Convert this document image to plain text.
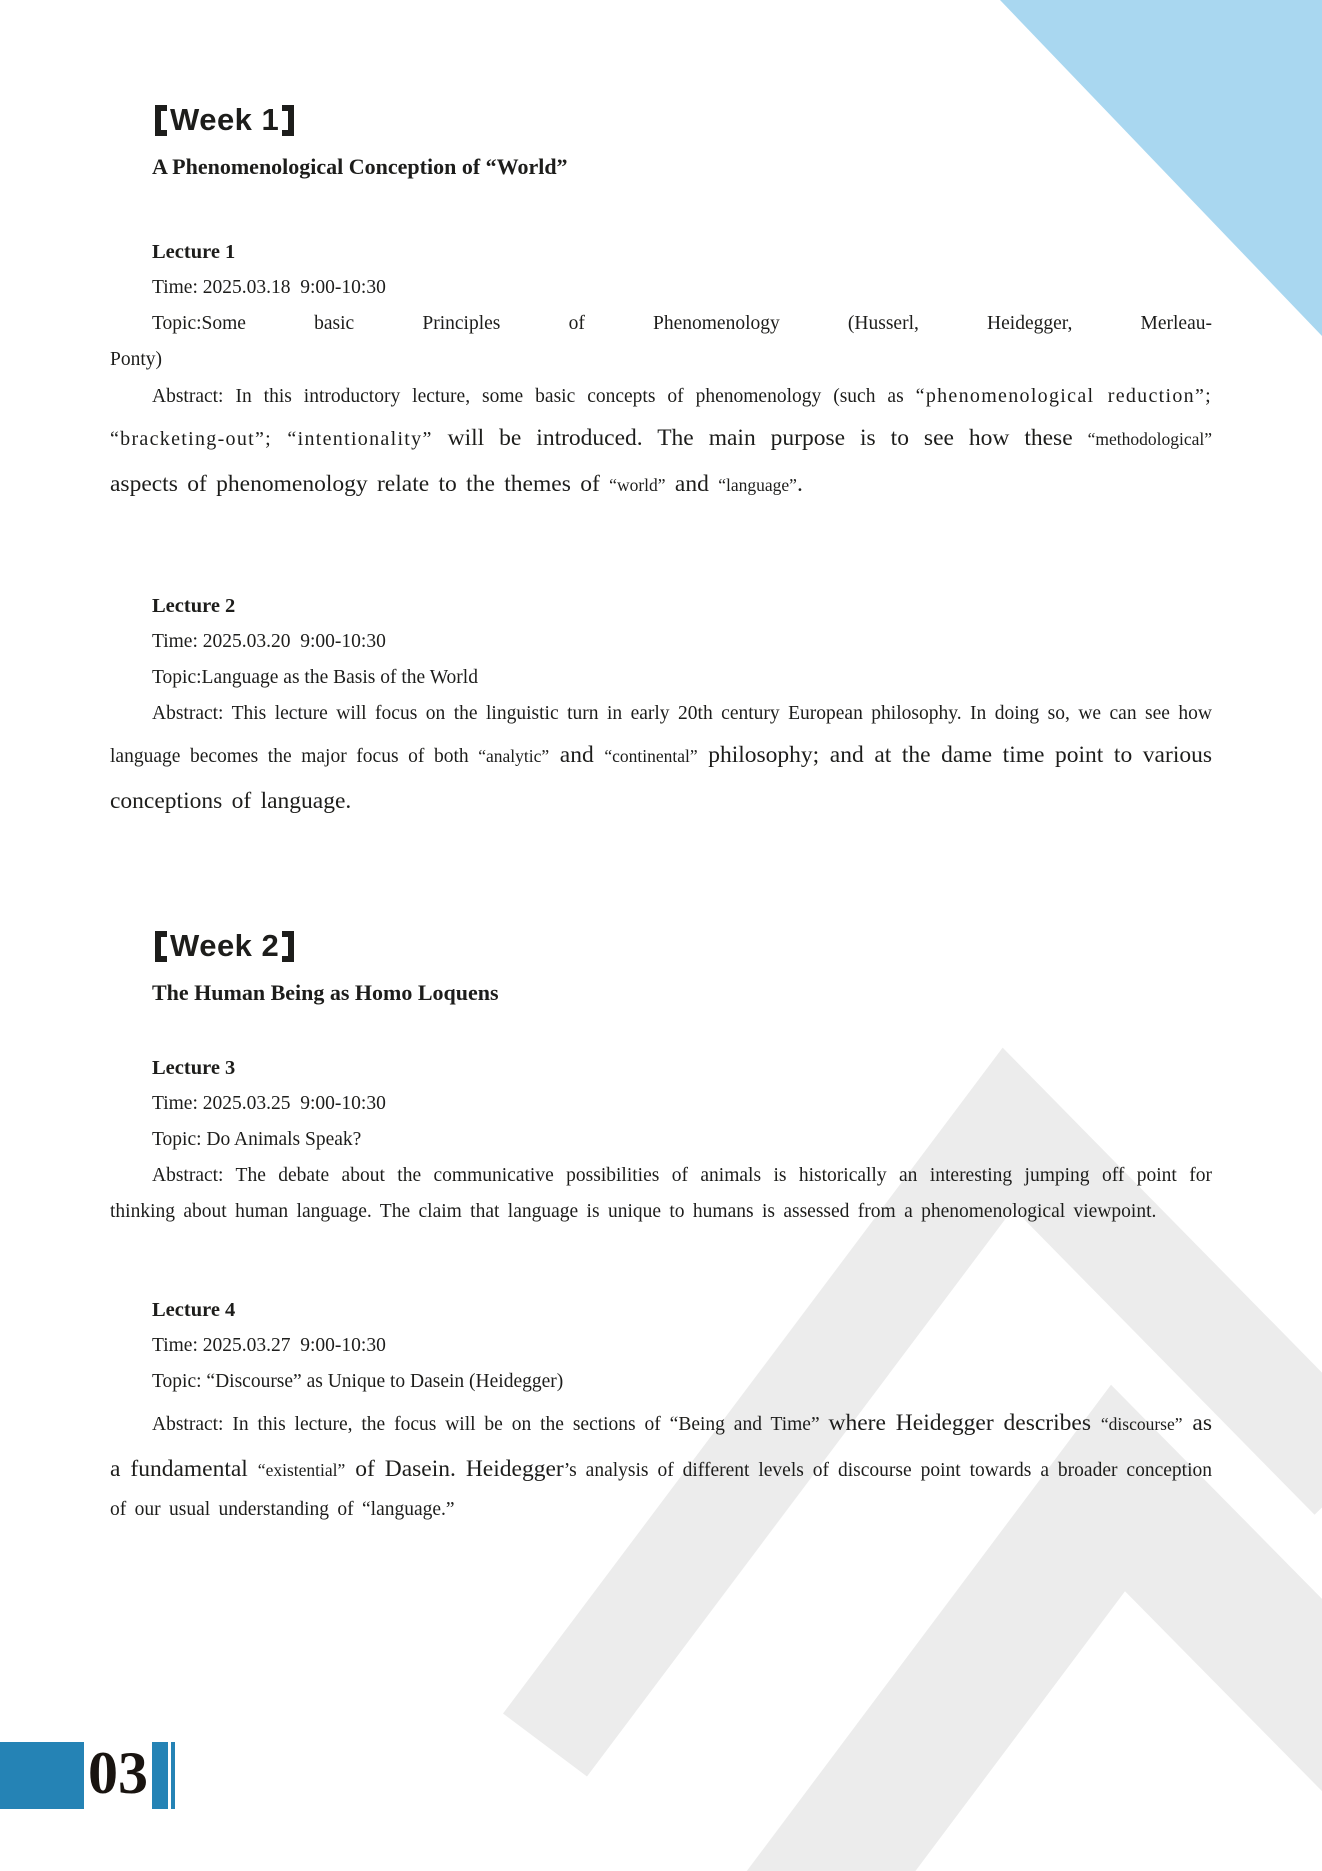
Week 1
A Phenomenological Conception of “World”
Lecture 1
Time: 2025.03.18  9:00-10:30
Topic:Some basic Principles of Phenomenology (Husserl, Heidegger, Merleau-
Ponty)

Abstract: In this introductory lecture, some basic concepts of phenomenology (such as “phenomenological reduction”; “bracketing-out”; “intentionality” will be introduced. The main purpose is to see how these “methodological” aspects of phenomenology relate to the themes of “world” and “language”.

Lecture 2
Time: 2025.03.20  9:00-10:30
Topic:Language as the Basis of the World

Abstract: This lecture will focus on the linguistic turn in early 20th century European philosophy. In doing so, we can see how language becomes the major focus of both “analytic” and “continental” philosophy; and at the dame time point to various conceptions of language.

Week 2
The Human Being as Homo Loquens
Lecture 3
Time: 2025.03.25  9:00-10:30
Topic: Do Animals Speak?

Abstract: The debate about the communicative possibilities of animals is historically an interesting jumping off point for thinking about human language. The claim that language is unique to humans is assessed from a phenomenological viewpoint.

Lecture 4
Time: 2025.03.27  9:00-10:30
Topic: “Discourse” as Unique to Dasein (Heidegger)

Abstract: In this lecture, the focus will be on the sections of “Being and Time” where Heidegger describes “discourse” as a fundamental “existential” of Dasein. Heidegger’s analysis of different levels of discourse point towards a broader conception of our usual understanding of “language.”

03
